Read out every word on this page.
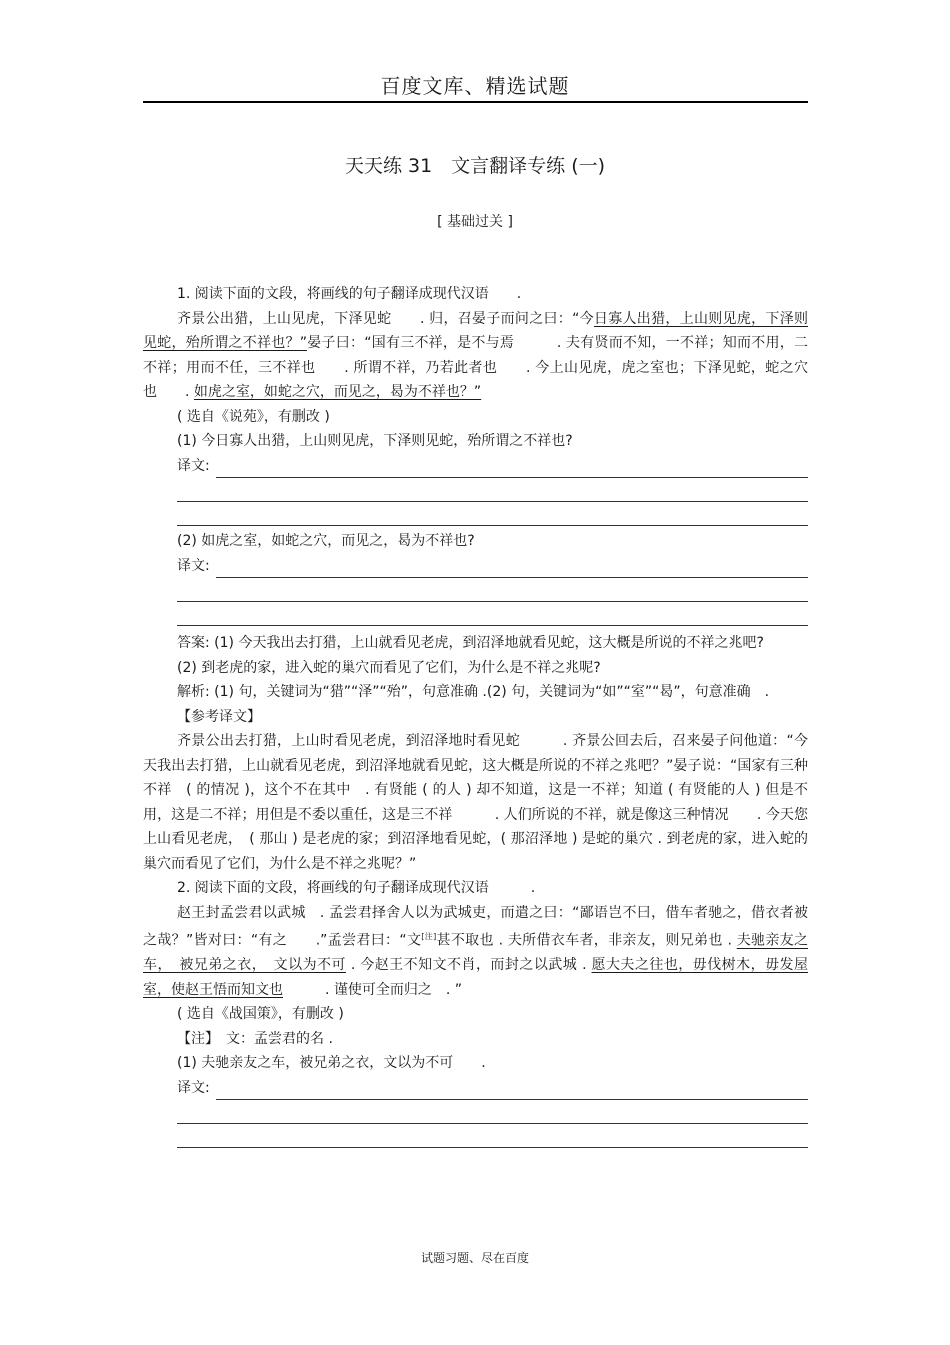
百度文库、精选试题
天天练 31　文言翻译专练 (一)
[ 基础过关 ]

1. 阅读下面的文段，将画线的句子翻译成现代汉语　　.

齐景公出猎，上山见虎，下泽见蛇　　. 归，召晏子而问之曰：“今日寡人出猎，上山则见虎，下泽则见蛇，殆所谓之不祥也？”晏子曰：“国有三不祥，是不与焉　　　. 夫有贤而不知，一不祥；知而不用，二不祥；用而不任，三不祥也　　. 所谓不祥，乃若此者也　　. 今上山见虎，虎之室也；下泽见蛇，蛇之穴也　　. 如虎之室，如蛇之穴，而见之，曷为不祥也？”

( 选自《说苑》，有删改 )

(1) 今日寡人出猎，上山则见虎，下泽则见蛇，殆所谓之不祥也?

译文:

(2) 如虎之室，如蛇之穴，而见之，曷为不祥也?

译文:

答案: (1) 今天我出去打猎，上山就看见老虎，到沼泽地就看见蛇，这大概是所说的不祥之兆吧?

(2) 到老虎的家，进入蛇的巢穴而看见了它们，为什么是不祥之兆呢?

解析: (1) 句，关键词为“猎”“泽”“殆”，句意准确 .(2) 句，关键词为“如”“室”“曷”，句意准确　.

【参考译文】

齐景公出去打猎，上山时看见老虎，到沼泽地时看见蛇　　　. 齐景公回去后，召来晏子问他道：“今天我出去打猎，上山就看见老虎，到沼泽地就看见蛇，这大概是所说的不祥之兆吧？”晏子说：“国家有三种不祥　( 的情况 )，这个不在其中　. 有贤能 ( 的人 ) 却不知道，这是一不祥；知道 ( 有贤能的人 ) 但是不用，这是二不祥；用但是不委以重任，这是三不祥　　　. 人们所说的不祥，就是像这三种情况　　. 今天您上山看见老虎，　( 那山 ) 是老虎的家；到沼泽地看见蛇，( 那沼泽地 ) 是蛇的巢穴 . 到老虎的家，进入蛇的巢穴而看见了它们，为什么是不祥之兆呢？”

2. 阅读下面的文段，将画线的句子翻译成现代汉语　　　.

赵王封孟尝君以武城　. 孟尝君择舍人以为武城吏，而遣之曰：“鄙语岂不曰，借车者驰之，借衣者被之哉？”皆对曰：“有之　　.”孟尝君曰：“文[注]甚不取也 . 夫所借衣车者，非亲友，则兄弟也 . 夫驰亲友之车，　被兄弟之衣，　文以为不可 . 今赵王不知文不肖，而封之以武城 . 愿大夫之往也，毋伐树木，毋发屋室，使赵王悟而知文也　　　. 谨使可全而归之　. ”

( 选自《战国策》，有删改 )

【注】　文：孟尝君的名 .

(1) 夫驰亲友之车，被兄弟之衣，文以为不可　　.

译文:
试题习题、尽在百度
